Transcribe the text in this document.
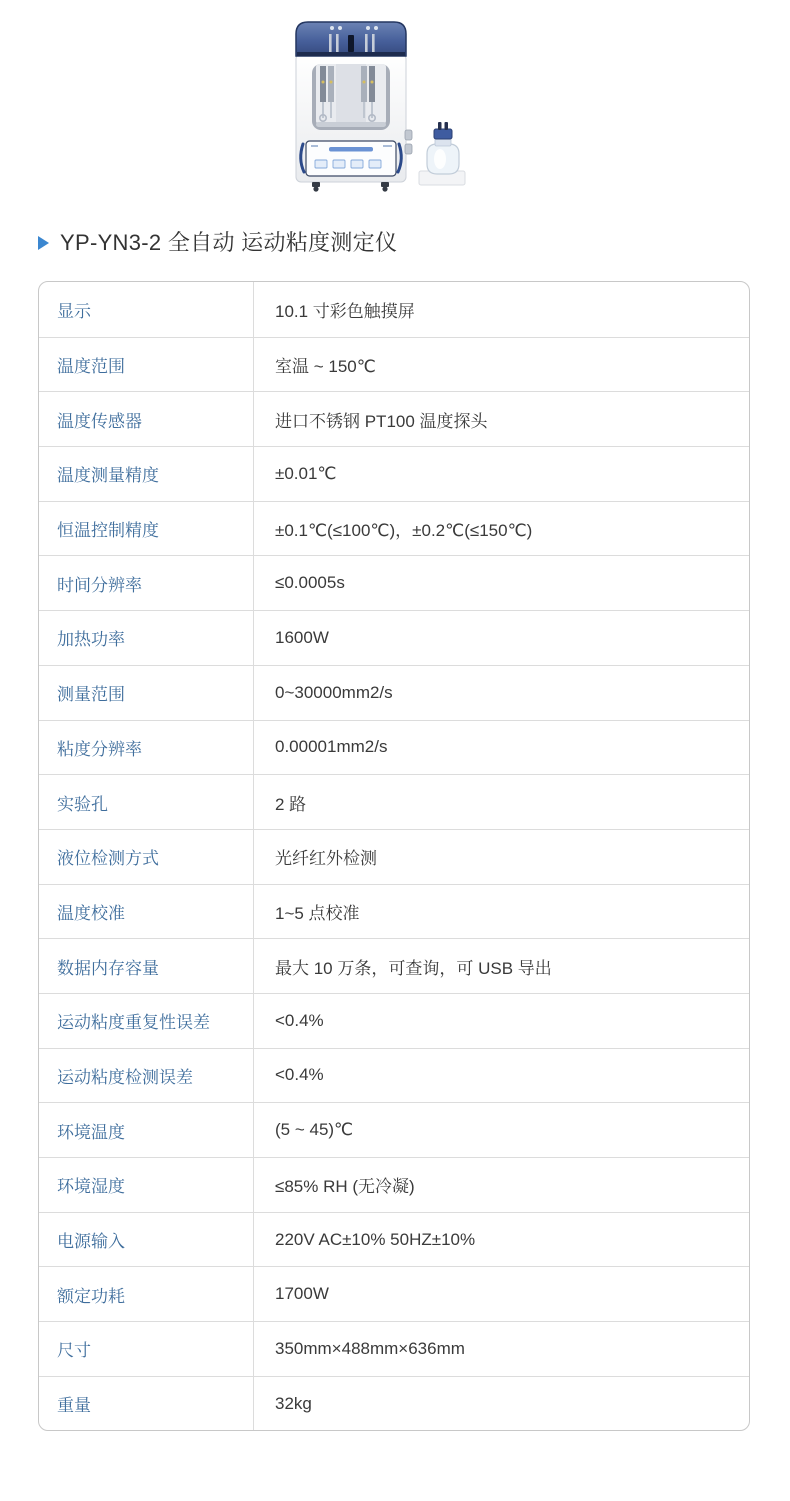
YP-YN3-2 全自动 运动粘度测定仪
显示	10.1 寸彩色触摸屏
温度范围	室温 ~ 150℃
温度传感器	进口不锈钢 PT100 温度探头
温度测量精度	±0.01℃
恒温控制精度	±0.1℃(≤100℃)，±0.2℃(≤150℃)
时间分辨率	≤0.0005s
加热功率	1600W
测量范围	0~30000mm2/s
粘度分辨率	0.00001mm2/s
实验孔	2 路
液位检测方式	光纤红外检测
温度校准	1~5 点校准
数据内存容量	最大 10 万条，可查询，可 USB 导出
运动粘度重复性误差	<0.4%
运动粘度检测误差	<0.4%
环境温度	(5 ~ 45)℃
环境湿度	≤85% RH (无冷凝)
电源输入	220V AC±10% 50HZ±10%
额定功耗	1700W
尺寸	350mm×488mm×636mm
重量	32kg
